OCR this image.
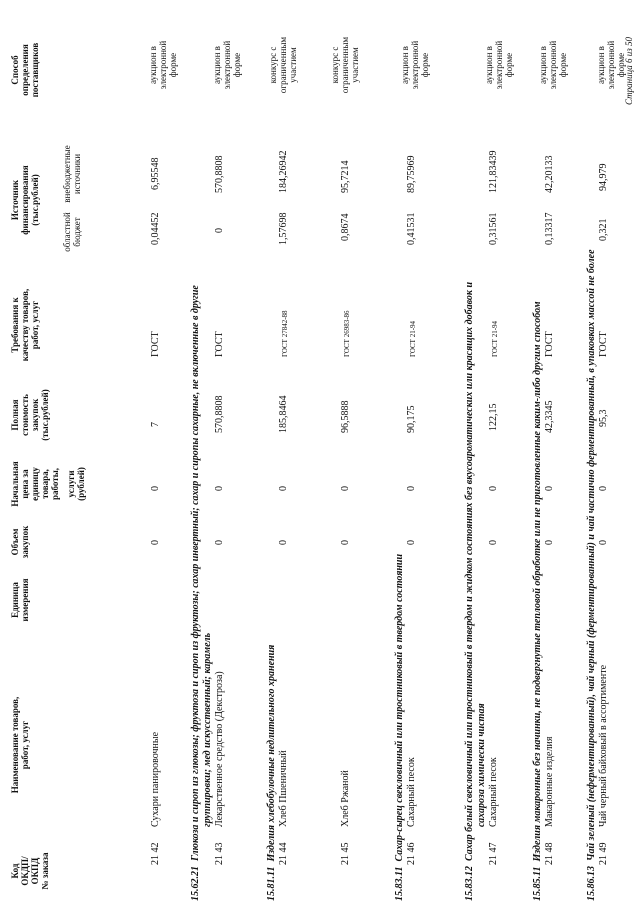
Код ОКДП/ ОКПД № заказа
Наименование товаров, работ, услуг
Единица измерения
Объем закупок
Начальная цена за единицу товара, работы, услуги (рублей)
Полная стоимость закупок (тыс.рублей)
Требования к качеству товаров, работ, услуг
Источник финансирования (тыс.рублей)
областной бюджет
внебюджетные источники
Способ определения поставщиков
21 42
Сухари панировочные
0
0
7
ГОСТ
0,04452
6,95548
аукцион в электронной форме
15.62.21  Глюкоза и сироп из глюкозы; фруктоза и сироп из фруктозы; сахар инвертный; сахар и сиропы сахарные, не включенные в другие группировки; мед искусственный; карамель
21 43
Лекарственное средство (Декстроза)
0
0
570,8808
ГОСТ
0
570,8808
аукцион в электронной форме
15.81.11  Изделия хлебобулочные недлительного хранения 21 44
Хлеб Пшеничный
0
0
185,8464
ГОСТ 27842-88
1,57698
184,26942
конкурс с ограниченным участием
21 45
Хлеб Ржаной
0
0
96,5888
ГОСТ 26983-86
0,8674
95,7214
конкурс с ограниченным участием
15.83.11  Сахар-сырец свекловичный или тростниковый в твердом состоянии 21 46
Сахарный песок
0
0
90,175
ГОСТ 21-94
0,41531
89,75969
аукцион в электронной форме
15.83.12  Сахар белый свекловичный или тростниковый в твердом и жидком состояниях без вкусоароматических или красящих добавок и сахароза химически чистая
21 47
Сахарный песок
0
0
122,15
ГОСТ 21-94
0,31561
121,83439
аукцион в электронной форме
15.85.11  Изделия макаронные без начинки, не подвергнутые тепловой обработке или не приготовленные каким-либо другим способом 21 48
Макаронные изделия
0
0
42,3345
ГОСТ
0,13317
42,20133
аукцион в электронной форме
15.86.13  Чай зеленый (неферментированный), чай черный (ферментированный) и чай частично ферментированный, в упаковках массой не более 21 49
Чай черный байховый в ассортименте
0
0
95,3
ГОСТ
0,321
94,979
аукцион в электронной форме
Страница 6 из 50
